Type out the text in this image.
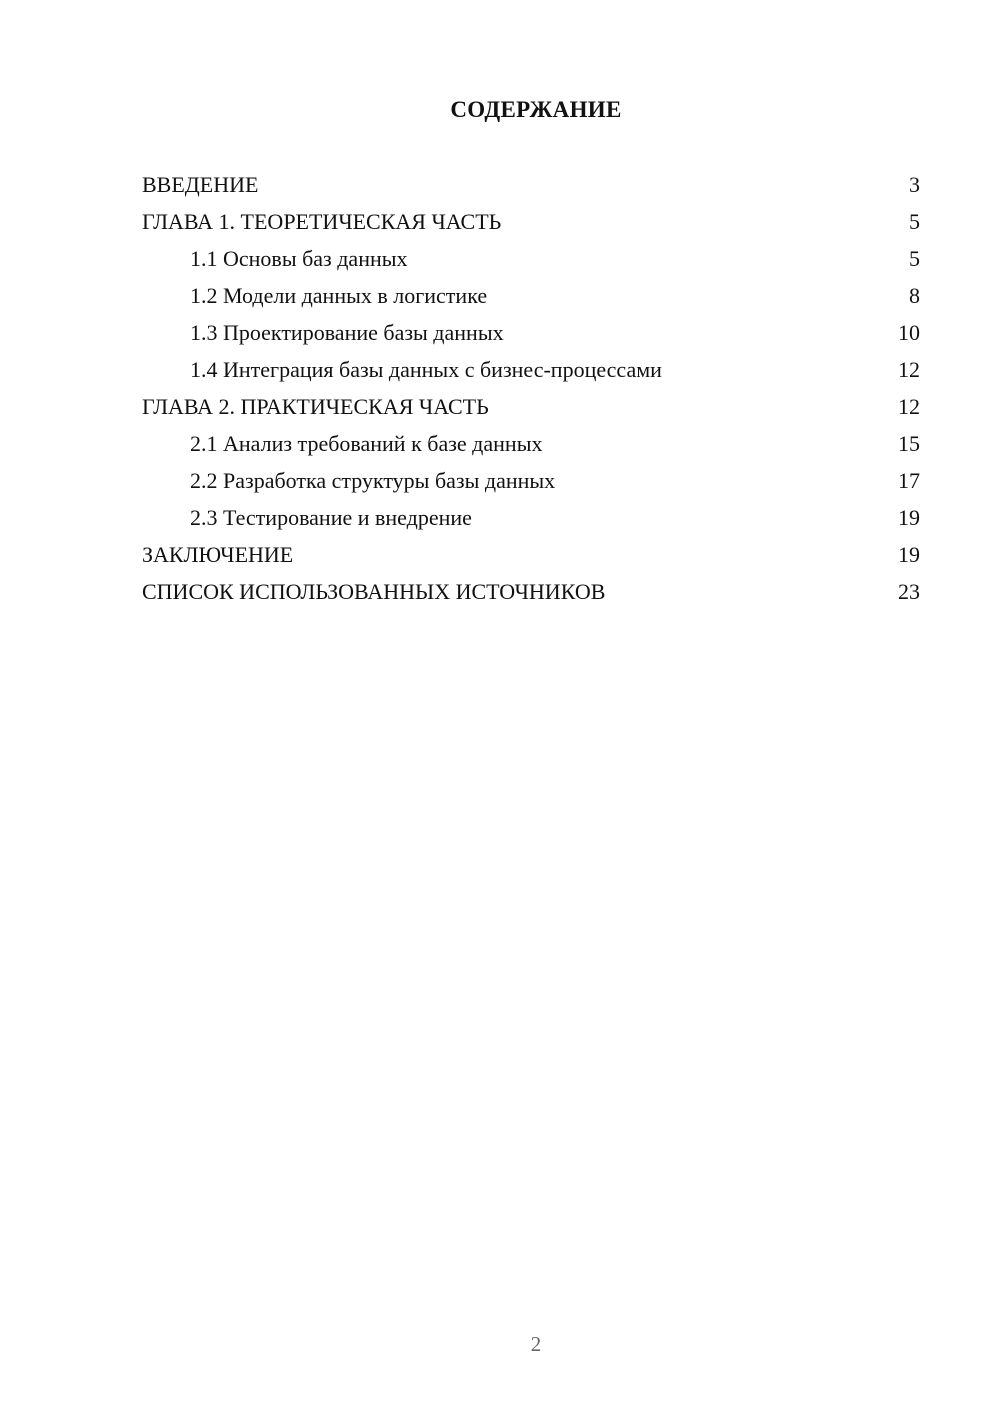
СОДЕРЖАНИЕ
ВВЕДЕНИЕ	3
ГЛАВА 1. ТЕОРЕТИЧЕСКАЯ ЧАСТЬ	5
1.1 Основы баз данных	5
1.2 Модели данных в логистике	8
1.3 Проектирование базы данных	10
1.4 Интеграция базы данных с бизнес-процессами	12
ГЛАВА 2. ПРАКТИЧЕСКАЯ ЧАСТЬ	12
2.1 Анализ требований к базе данных	15
2.2 Разработка структуры базы данных	17
2.3 Тестирование и внедрение	19
ЗАКЛЮЧЕНИЕ	19
СПИСОК ИСПОЛЬЗОВАННЫХ ИСТОЧНИКОВ	23
2
